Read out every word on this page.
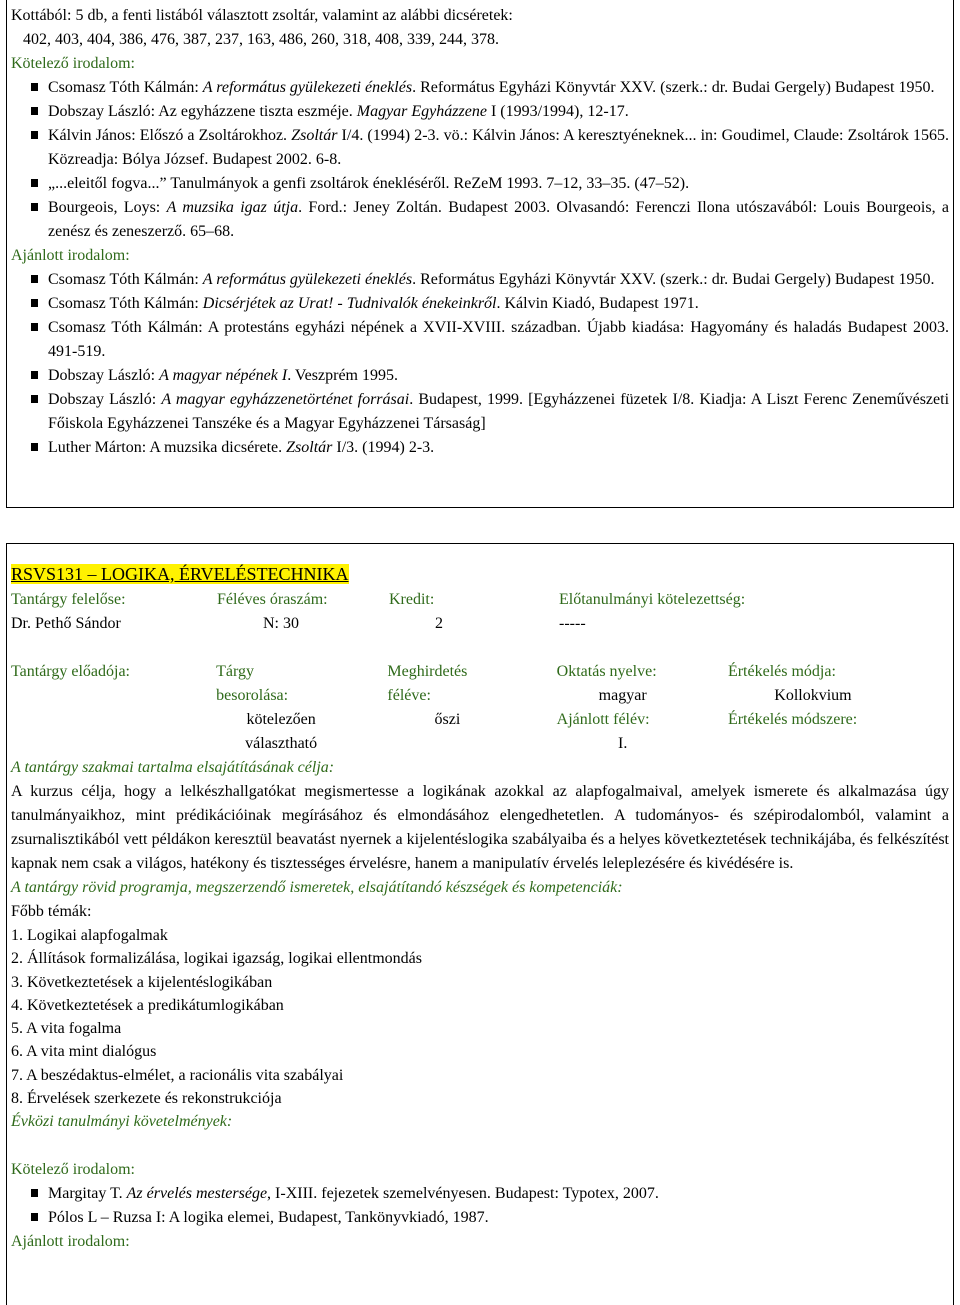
Kottából: 5 db, a fenti listából választott zsoltár, valamint az alábbi dicséretek:
402, 403, 404, 386, 476, 387, 237, 163, 486, 260, 318, 408, 339, 244, 378.
Kötelező irodalom:
Csomasz Tóth Kálmán: A református gyülekezeti éneklés. Református Egyházi Könyvtár XXV. (szerk.: dr. Budai Gergely) Budapest 1950.
Dobszay László: Az egyházzene tiszta eszméje. Magyar Egyházzene I (1993/1994), 12-17.
Kálvin János: Előszó a Zsoltárokhoz. Zsoltár I/4. (1994) 2-3. vö.: Kálvin János: A keresztyéneknek... in: Goudimel, Claude: Zsoltárok 1565. Közreadja: Bólya József. Budapest 2002. 6-8.
„...eleitől fogva...” Tanulmányok a genfi zsoltárok énekléséről. ReZeM 1993. 7–12, 33–35. (47–52).
Bourgeois, Loys: A muzsika igaz útja. Ford.: Jeney Zoltán. Budapest 2003. Olvasandó: Ferenczi Ilona utószavából: Louis Bourgeois, a zenész és zeneszerző. 65–68.
Ajánlott irodalom:
Csomasz Tóth Kálmán: A református gyülekezeti éneklés. Református Egyházi Könyvtár XXV. (szerk.: dr. Budai Gergely) Budapest 1950.
Csomasz Tóth Kálmán: Dicsérjétek az Urat! - Tudnivalók énekeinkről. Kálvin Kiadó, Budapest 1971.
Csomasz Tóth Kálmán: A protestáns egyházi népének a XVII-XVIII. században. Újabb kiadása: Hagyomány és haladás Budapest 2003. 491-519.
Dobszay László: A magyar népének I. Veszprém 1995.
Dobszay László: A magyar egyházzenetörténet forrásai. Budapest, 1999. [Egyházzenei füzetek I/8. Kiadja: A Liszt Ferenc Zeneművészeti Főiskola Egyházzenei Tanszéke és a Magyar Egyházzenei Társaság]
Luther Márton: A muzsika dicsérete. Zsoltár I/3. (1994) 2-3.
RSVS131 – LOGIKA, ÉRVELÉSTECHNIKA
Tantárgy felelőse:
Dr. Pethő Sándor
Féléves óraszám:
N: 30
Kredit:
2
Előtanulmányi kötelezettség:
-----
Tantárgy előadója:	Tárgy besorolása:
kötelezően választható
Meghirdetés féléve:
őszi
Oktatás nyelve:
magyar
Ajánlott félév:
I.
Értékelés módja:
Kollokvium
Értékelés módszere:
A tantárgy szakmai tartalma elsajátításának célja:
A kurzus célja, hogy a lelkészhallgatókat megismertesse a logikának azokkal az alapfogalmaival, amelyek ismerete és alkalmazása úgy tanulmányaikhoz, mint prédikációinak megírásához és elmondásához elengedhetetlen. A tudományos- és szépirodalomból, valamint a zsurnalisztikából vett példákon keresztül beavatást nyernek a kijelentéslogika szabályaiba és a helyes következtetések technikájába, és felkészítést kapnak nem csak a világos, hatékony és tisztességes érvelésre, hanem a manipulatív érvelés leleplezésére és kivédésére is.
A tantárgy rövid programja, megszerzendő ismeretek, elsajátítandó készségek és kompetenciák:
Főbb témák:
1. Logikai alapfogalmak
2. Állítások formalizálása, logikai igazság, logikai ellentmondás
3. Következtetések a kijelentéslogikában
4. Következtetések a predikátumlogikában
5. A vita fogalma
6. A vita mint dialógus
7. A beszédaktus-elmélet, a racionális vita szabályai
8. Érvelések szerkezete és rekonstrukciója
Évközi tanulmányi követelmények:
Kötelező irodalom:
Margitay T. Az érvelés mestersége, I-XIII. fejezetek szemelvényesen. Budapest: Typotex, 2007.
Pólos L – Ruzsa I: A logika elemei, Budapest, Tankönyvkiadó, 1987.
Ajánlott irodalom:
